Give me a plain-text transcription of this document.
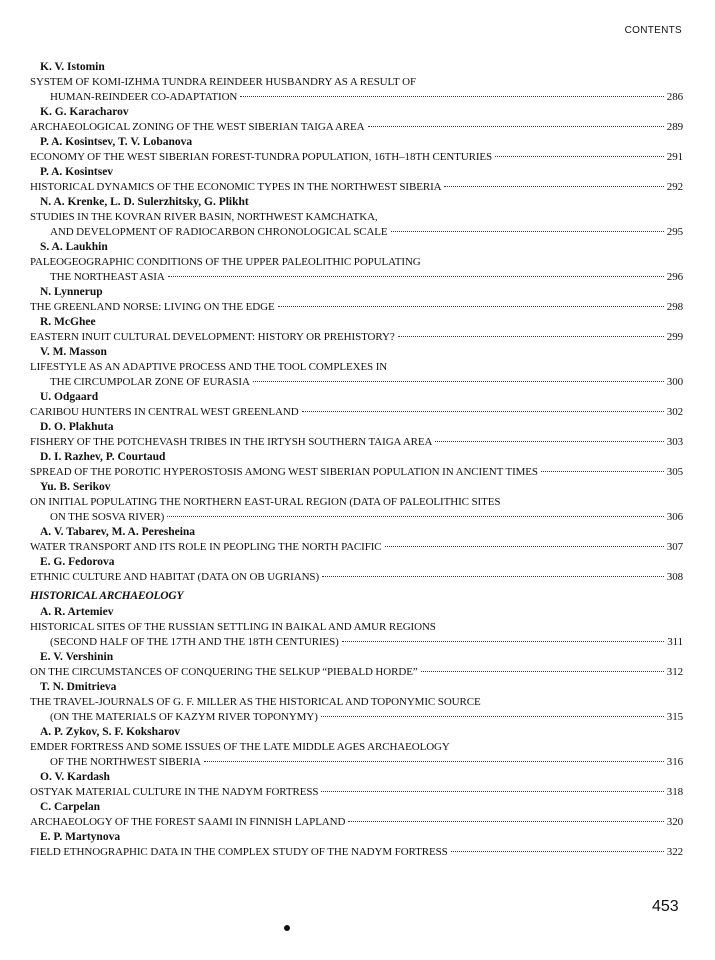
CONTENTS
K. V. Istomin
SYSTEM OF KOMI-IZHMA TUNDRA REINDEER HUSBANDRY AS A RESULT OF
HUMAN-REINDEER CO-ADAPTATION	286
K. G. Karacharov
ARCHAEOLOGICAL ZONING OF THE WEST SIBERIAN TAIGA AREA	289
P. A. Kosintsev, T. V. Lobanova
ECONOMY OF THE WEST SIBERIAN FOREST-TUNDRA POPULATION, 16TH–18TH CENTURIES	291
P. A. Kosintsev
HISTORICAL DYNAMICS OF THE ECONOMIC TYPES IN THE NORTHWEST SIBERIA	292
N. A. Krenke, L. D. Sulerzhitsky, G. Plikht
STUDIES IN THE KOVRAN RIVER BASIN, NORTHWEST KAMCHATKA,
AND DEVELOPMENT OF RADIOCARBON CHRONOLOGICAL SCALE	295
S. A. Laukhin
PALEOGEOGRAPHIC CONDITIONS OF THE UPPER PALEOLITHIC POPULATING
THE NORTHEAST ASIA	296
N. Lynnerup
THE GREENLAND NORSE: LIVING ON THE EDGE	298
R. McGhee
EASTERN INUIT CULTURAL DEVELOPMENT: HISTORY OR PREHISTORY?	299
V. M. Masson
LIFESTYLE AS AN ADAPTIVE PROCESS AND THE TOOL COMPLEXES IN
THE CIRCUMPOLAR ZONE OF EURASIA	300
U. Odgaard
CARIBOU HUNTERS IN CENTRAL WEST GREENLAND	302
D. O. Plakhuta
FISHERY OF THE POTCHEVASH TRIBES IN THE IRTYSH SOUTHERN TAIGA AREA	303
D. I. Razhev, P. Courtaud
SPREAD OF THE POROTIC HYPEROSTOSIS AMONG WEST SIBERIAN POPULATION IN ANCIENT TIMES	305
Yu. B. Serikov
ON INITIAL POPULATING THE NORTHERN EAST-URAL REGION (DATA OF PALEOLITHIC SITES
ON THE SOSVA RIVER)	306
A. V. Tabarev, M. A. Peresheina
WATER TRANSPORT AND ITS ROLE IN PEOPLING THE NORTH PACIFIC	307
E. G. Fedorova
ETHNIC CULTURE AND HABITAT (DATA ON OB UGRIANS)	308
HISTORICAL ARCHAEOLOGY
A. R. Artemiev
HISTORICAL SITES OF THE RUSSIAN SETTLING IN BAIKAL AND AMUR REGIONS
(SECOND HALF OF THE 17TH AND THE 18TH CENTURIES)	311
E. V. Vershinin
ON THE CIRCUMSTANCES OF CONQUERING THE SELKUP “PIEBALD HORDE”	312
T. N. Dmitrieva
THE TRAVEL-JOURNALS OF G. F. MILLER AS THE HISTORICAL AND TOPONYMIC SOURCE
(ON THE MATERIALS OF KAZYM RIVER TOPONYMY)	315
A. P. Zykov, S. F. Koksharov
EMDER FORTRESS AND SOME ISSUES OF THE LATE MIDDLE AGES ARCHAEOLOGY
OF THE NORTHWEST SIBERIA	316
O. V. Kardash
OSTYAK MATERIAL CULTURE IN THE NADYM FORTRESS	318
C. Carpelan
ARCHAEOLOGY OF THE FOREST SAAMI IN FINNISH LAPLAND	320
E. P. Martynova
FIELD ETHNOGRAPHIC DATA IN THE COMPLEX STUDY OF THE NADYM FORTRESS	322
453
